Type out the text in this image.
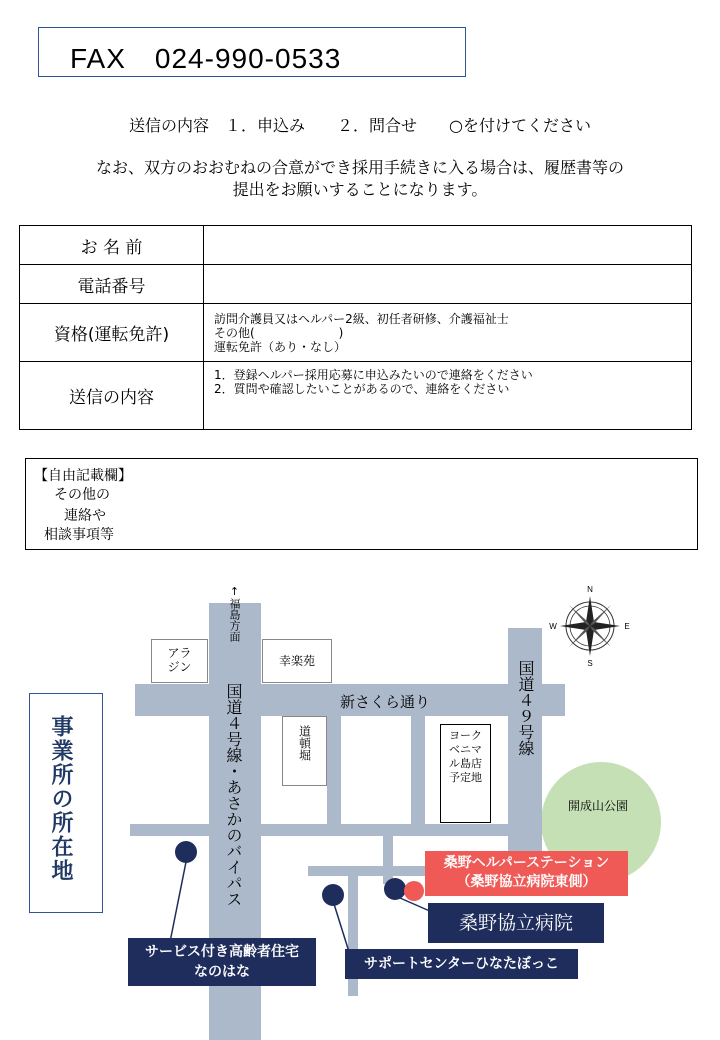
FAX　024-990-0533
送信の内容　１．申込み　　２．問合せ　　○を付けてください
なお、双方のおおむねの合意ができ採用手続きに入る場合は、履歴書等の
提出をお願いすることになります。
お 名 前	
電話番号	
資格(運転免許)	訪問介護員又はヘルパー2級、初任者研修、介護福祉士
その他(　　　　　　　)
運転免許（あり・なし）

送信の内容	1．登録ヘルパー採用応募に申込みたいので連絡をください
2．質問や確認したいことがあるので、連絡をください
【自由記載欄】
その他の
連絡や
相談事項等
事業所の所在地	開成山公園
新さくら通り
国道４号線・あさかのバイパス	国道４９号線
↑福島方面
アラジン	幸楽苑
道頓堀	ヨークベニマル島店予定地
N
S
E
W
桑野ヘルパーステーション
（桑野協立病院東側）
桑野協立病院
サービス付き高齢者住宅
なのはな	サポートセンターひなたぼっこ
